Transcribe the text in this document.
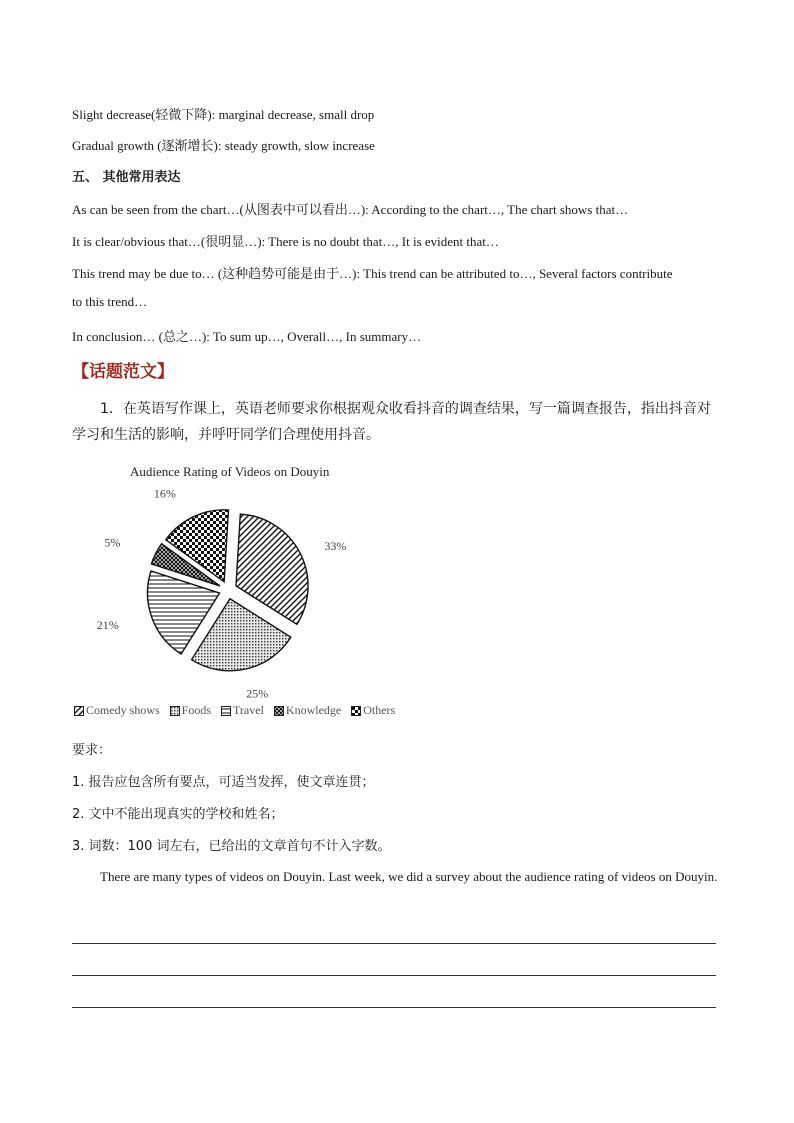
Slight decrease(轻微下降): marginal decrease, small drop
Gradual growth (逐渐增长): steady growth, slow increase
五、 其他常用表达
As can be seen from the chart…(从图表中可以看出…): According to the chart…, The chart shows that…
It is clear/obvious that…(很明显…): There is no doubt that…, It is evident that…
This trend may be due to… (这种趋势可能是由于…): This trend can be attributed to…, Several factors contribute
to this trend…
In conclusion… (总之…): To sum up…, Overall…, In summary…
【话题范文】
1．在英语写作课上，英语老师要求你根据观众收看抖音的调查结果，写一篇调查报告，指出抖音对学习和生活的影响，并呼吁同学们合理使用抖音。
Audience Rating of Videos on Douyin
33%
25%
21%
5%
16%
Comedy shows Foods Travel Knowledge Others
要求：
1. 报告应包含所有要点，可适当发挥，使文章连贯；
2. 文中不能出现真实的学校和姓名；
3. 词数：100 词左右，已给出的文章首句不计入字数。
There are many types of videos on Douyin. Last week, we did a survey about the audience rating of videos on Douyin.
